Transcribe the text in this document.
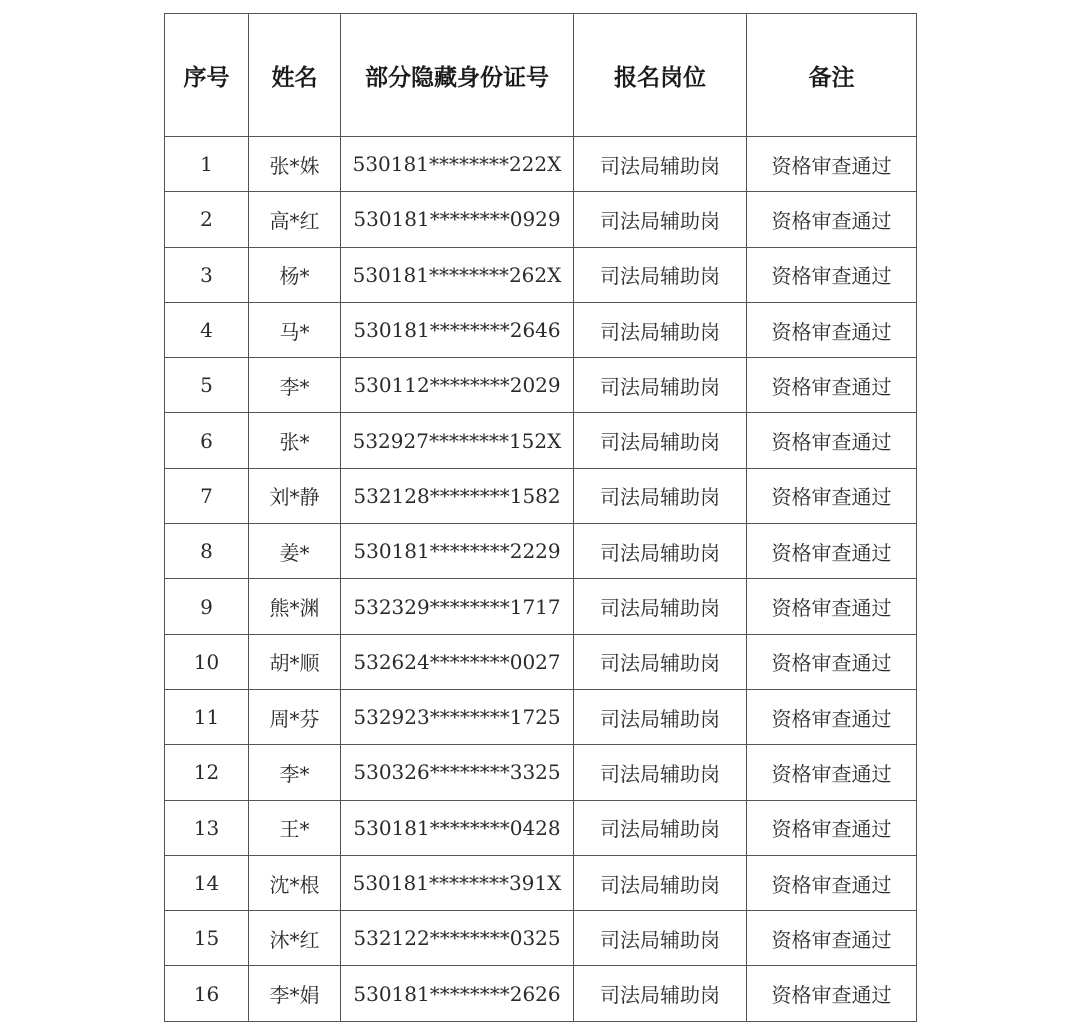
序号	姓名	部分隐藏身份证号	报名岗位	备注
1	张*姝	530181********222X	司法局辅助岗	资格审查通过
2	高*红	530181********0929	司法局辅助岗	资格审查通过
3	杨*	530181********262X	司法局辅助岗	资格审查通过
4	马*	530181********2646	司法局辅助岗	资格审查通过
5	李*	530112********2029	司法局辅助岗	资格审查通过
6	张*	532927********152X	司法局辅助岗	资格审查通过
7	刘*静	532128********1582	司法局辅助岗	资格审查通过
8	姜*	530181********2229	司法局辅助岗	资格审查通过
9	熊*渊	532329********1717	司法局辅助岗	资格审查通过
10	胡*顺	532624********0027	司法局辅助岗	资格审查通过
11	周*芬	532923********1725	司法局辅助岗	资格审查通过
12	李*	530326********3325	司法局辅助岗	资格审查通过
13	王*	530181********0428	司法局辅助岗	资格审查通过
14	沈*根	530181********391X	司法局辅助岗	资格审查通过
15	沐*红	532122********0325	司法局辅助岗	资格审查通过
16	李*娟	530181********2626	司法局辅助岗	资格审查通过
